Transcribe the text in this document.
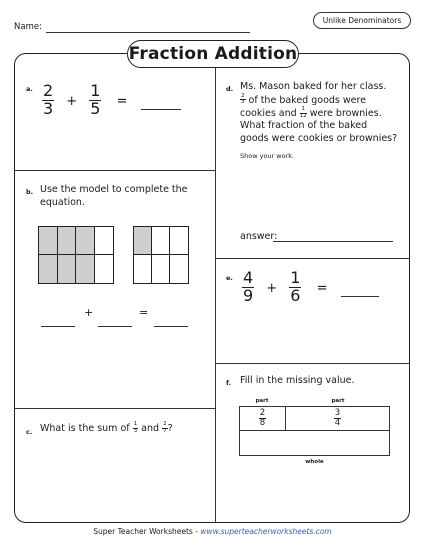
Name:
Unlike Denominators
Fraction Addition
a. $\frac{2}{3} + \frac{1}{5}$ =
b. Use the model to complete the
equation.
+	=
c. What is the sum of $\frac{1}{3}$ and $\frac{2}{7}$ ?
d. Ms. Mason baked for her class.
$\frac{2}{3}$ of the baked goods were
cookies and $\frac{1}{12}$ were brownies.
What fraction of the baked
goods were cookies or brownies?
Show your work.
answer:
e. $\frac{4}{9} + \frac{1}{6}$ =
f. Fill in the missing value.
part	part
$\frac{2}{8}$	$\frac{3}{4}$
whole
Super Teacher Worksheets - www.superteacherworksheets.com
